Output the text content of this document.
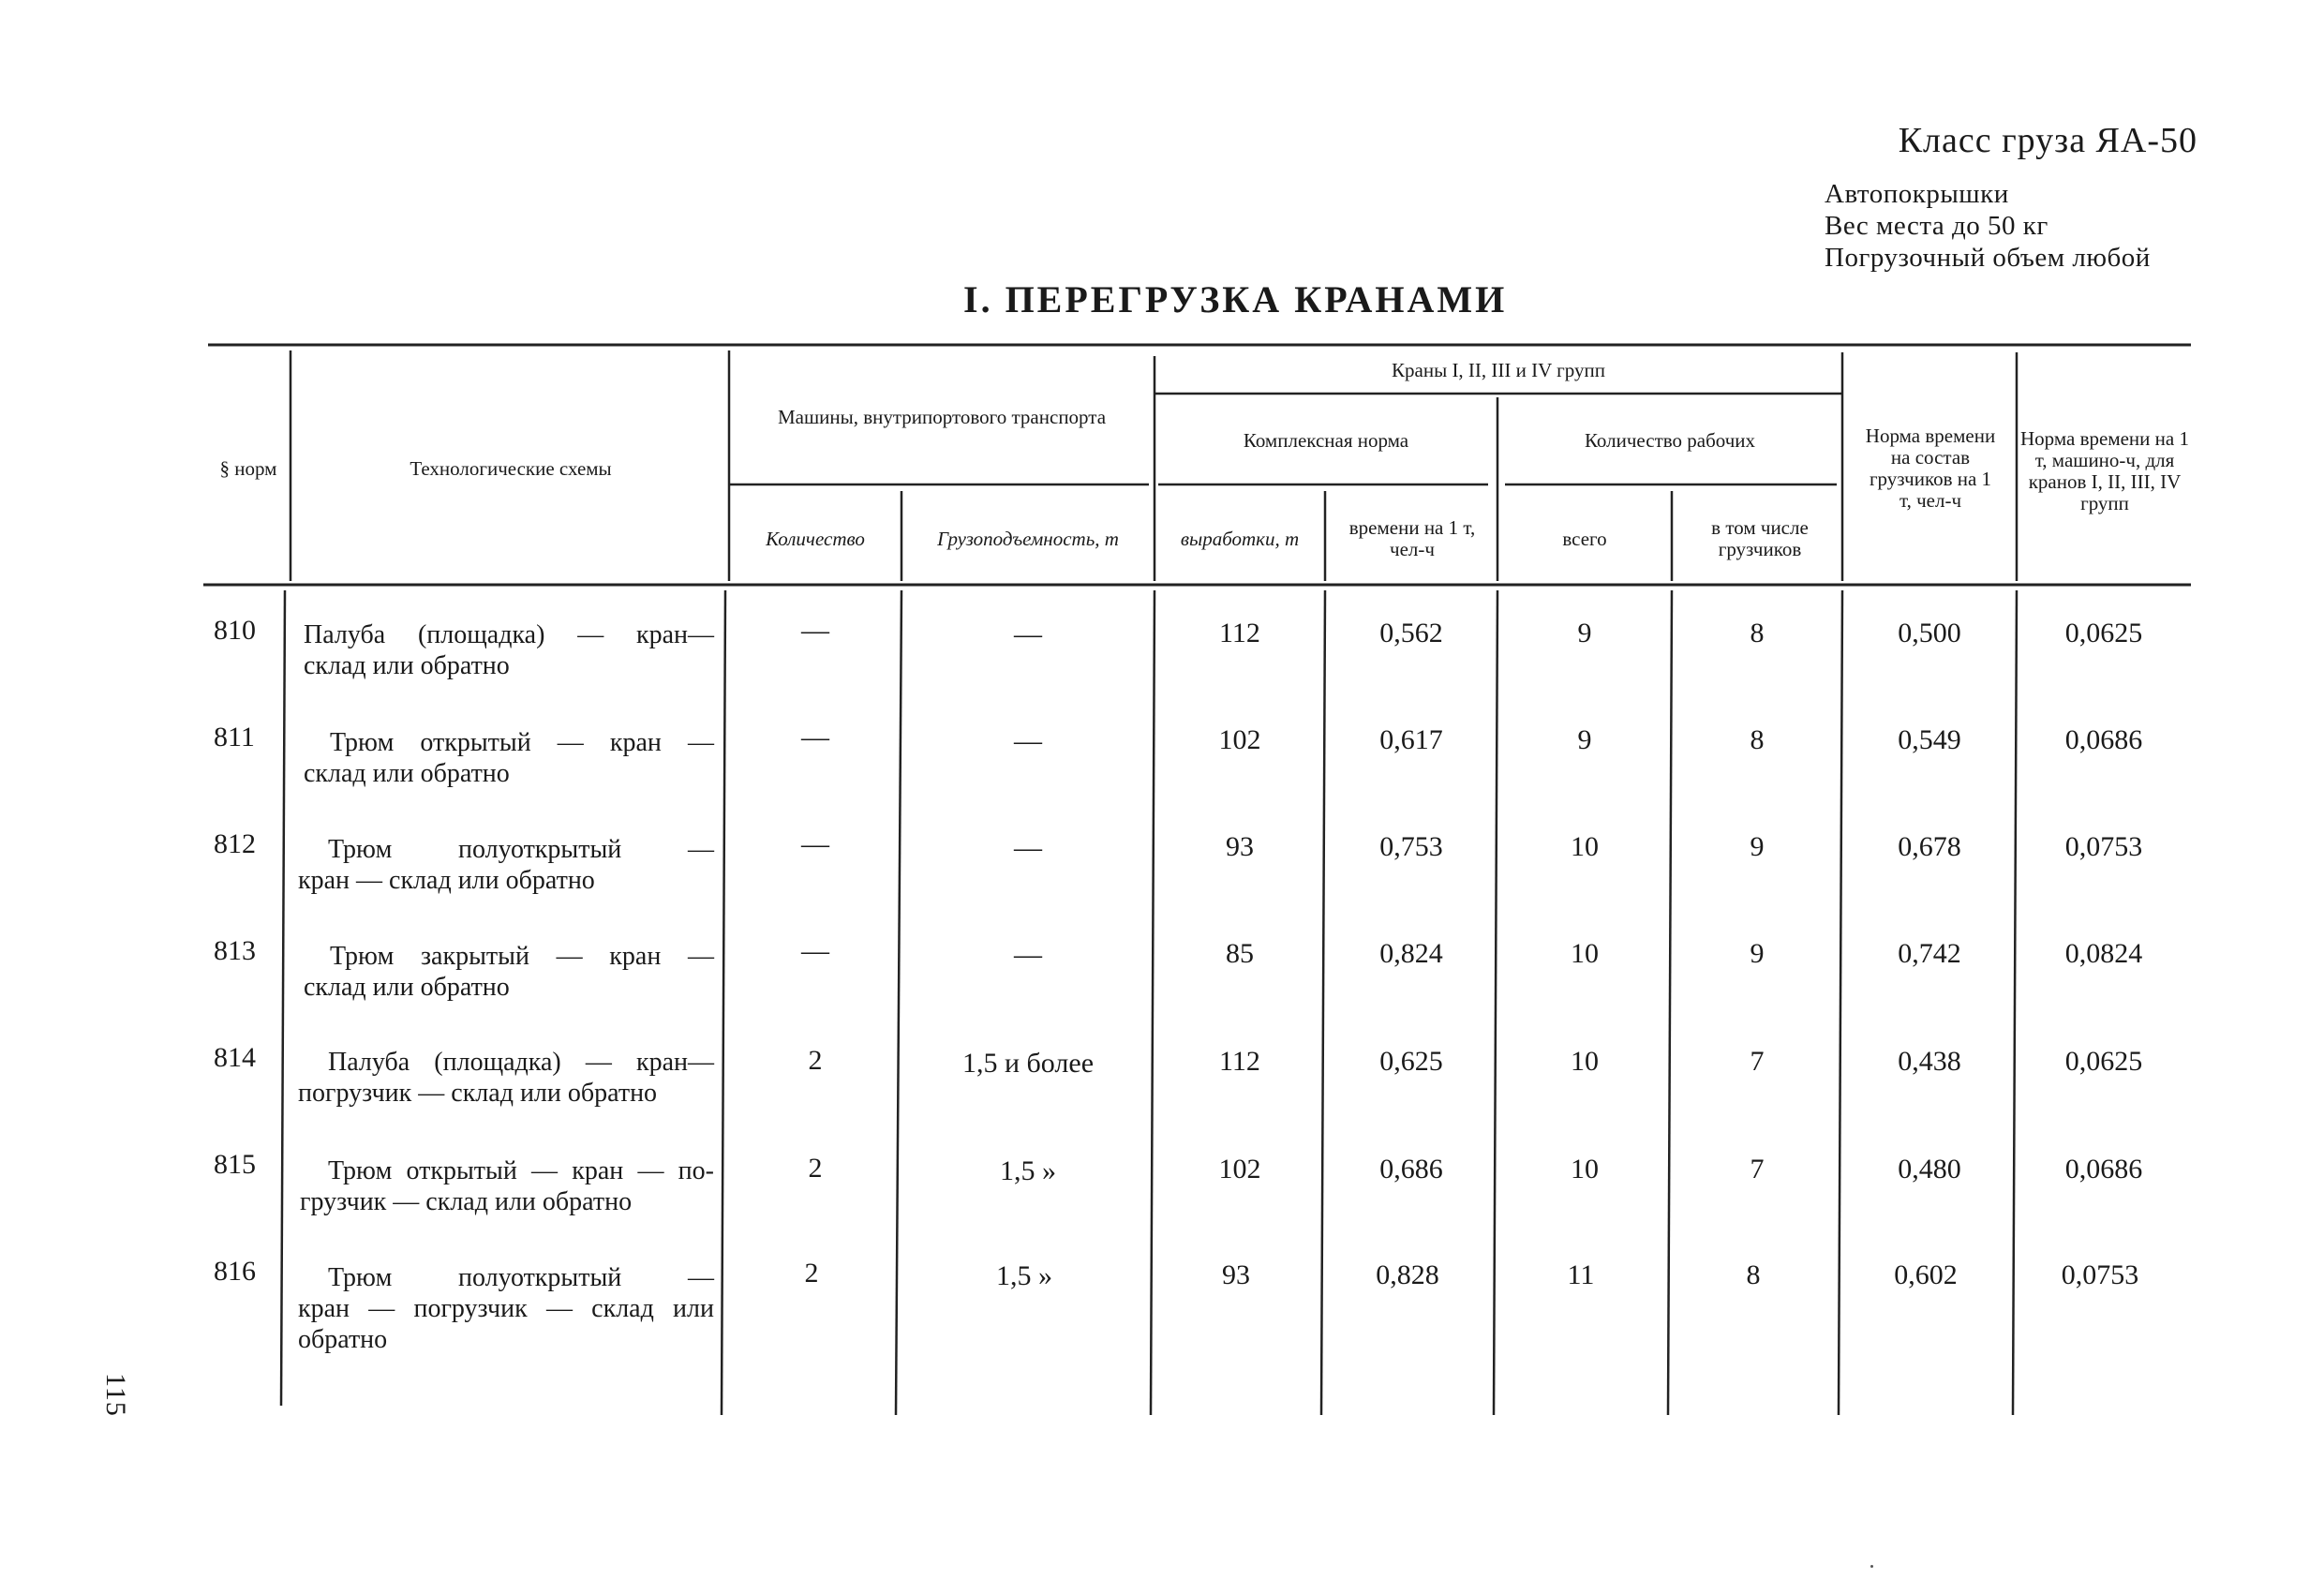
Класс груза ЯА-50
Автопокрышки
Вес места до 50 кг
Погрузочный объем любой
I. ПЕРЕГРУЗКА КРАНАМИ
§ норм	Технологические схемы
Машины, внутрипортового транспорта
Количество	Грузоподъемность, т
Краны I, II, III и IV групп
Комплексная норма
выработки, т	времени на 1 т, чел-ч
Количество рабочих
всего	в том числе грузчиков
Норма времени на состав грузчиков на 1 т, чел-ч
Норма времени на 1 т, машино-ч, для кранов I, II, III, IV групп
810	Палуба (площадка) — кран—
склад или обратно
—	—	112	0,562	9	8	0,500	0,0625
811	Трюм открытый — кран —
склад или обратно
—	—	102	0,617	9	8	0,549	0,0686
812	Трюм полуоткрытый —
кран — склад или обратно
—	—	93	0,753	10	9	0,678	0,0753
813	Трюм закрытый — кран —
склад или обратно
—	—	85	0,824	10	9	0,742	0,0824
814	Палуба (площадка) — кран—
погрузчик — склад или обратно
2	1,5 и более	112	0,625	10	7	0,438	0,0625
815	Трюм открытый — кран — по-
грузчик — склад или обратно
2	1,5 »	102	0,686	10	7	0,480	0,0686
816	Трюм полуоткрытый —
кран — погрузчик — склад или
обратно
2	1,5 »	93	0,828	11	8	0,602	0,0753
115
